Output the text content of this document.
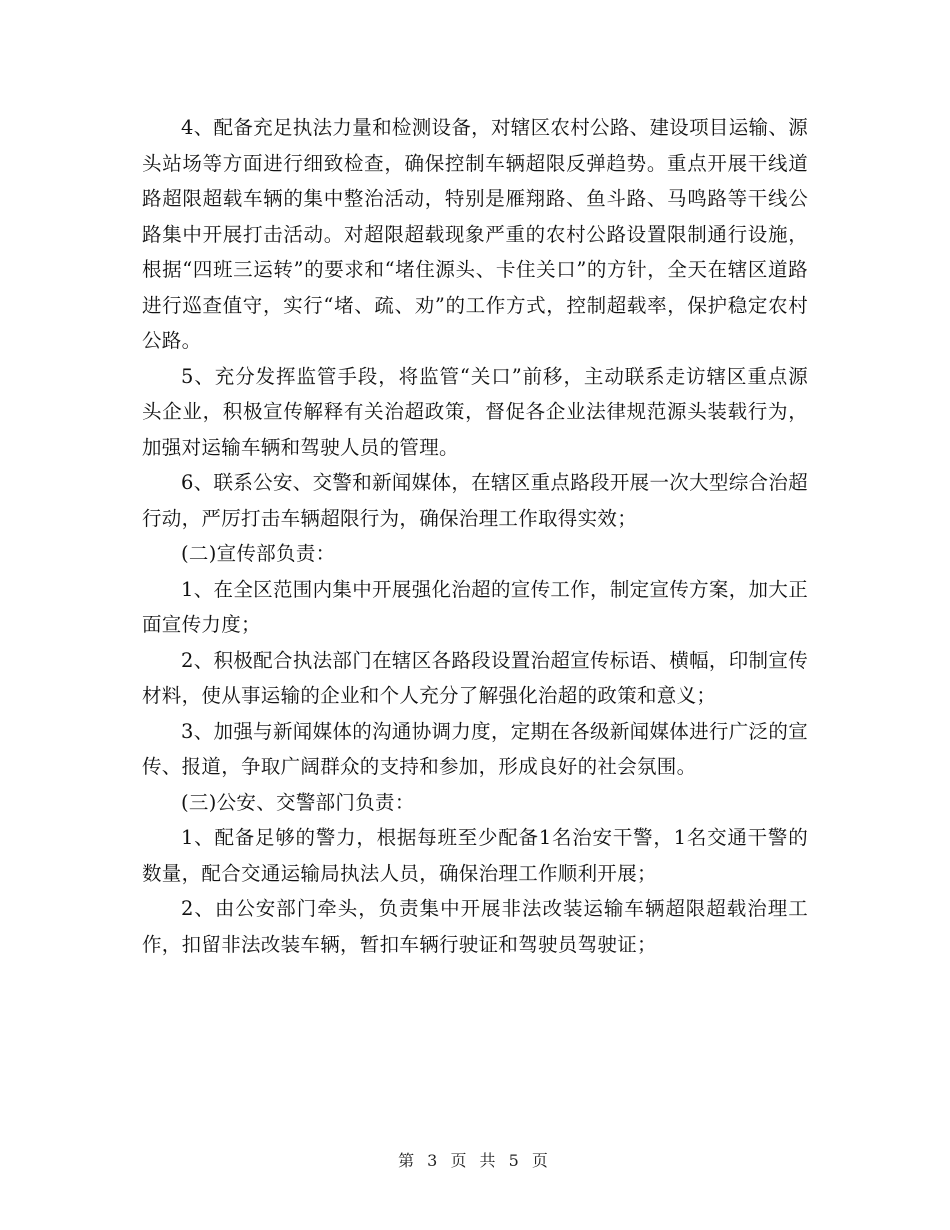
4、配备充足执法力量和检测设备，对辖区农村公路、建设项目运输、源头站场等方面进行细致检查，确保控制车辆超限反弹趋势。重点开展干线道路超限超载车辆的集中整治活动，特别是雁翔路、鱼斗路、马鸣路等干线公路集中开展打击活动。对超限超载现象严重的农村公路设置限制通行设施，根据“四班三运转”的要求和“堵住源头、卡住关口”的方针，全天在辖区道路进行巡查值守，实行“堵、疏、劝”的工作方式，控制超载率，保护稳定农村公路。

5、充分发挥监管手段，将监管“关口”前移，主动联系走访辖区重点源头企业，积极宣传解释有关治超政策，督促各企业法律规范源头装载行为，加强对运输车辆和驾驶人员的管理。

6、联系公安、交警和新闻媒体，在辖区重点路段开展一次大型综合治超行动，严厉打击车辆超限行为，确保治理工作取得实效；

(二)宣传部负责：

1、在全区范围内集中开展强化治超的宣传工作，制定宣传方案，加大正面宣传力度；

2、积极配合执法部门在辖区各路段设置治超宣传标语、横幅，印制宣传材料，使从事运输的企业和个人充分了解强化治超的政策和意义；

3、加强与新闻媒体的沟通协调力度，定期在各级新闻媒体进行广泛的宣传、报道，争取广阔群众的支持和参加，形成良好的社会氛围。

(三)公安、交警部门负责：

1、配备足够的警力，根据每班至少配备1名治安干警，1名交通干警的数量，配合交通运输局执法人员，确保治理工作顺利开展；

2、由公安部门牵头，负责集中开展非法改装运输车辆超限超载治理工作，扣留非法改装车辆，暂扣车辆行驶证和驾驶员驾驶证；

第 3 页 共 5 页
